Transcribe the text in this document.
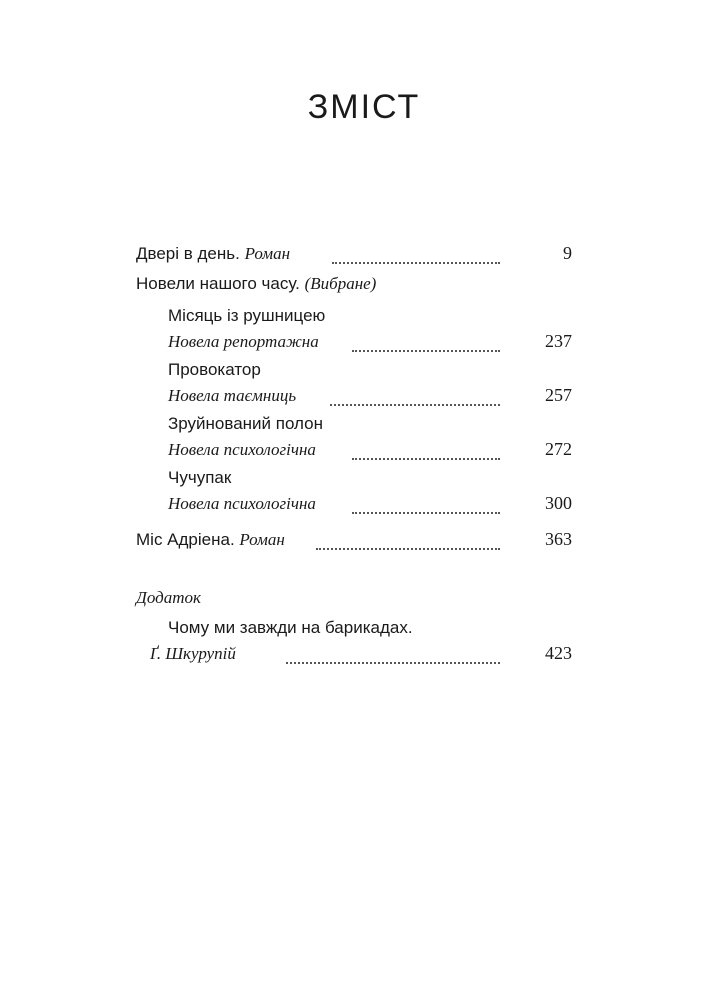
ЗМІСТ
Двері в день. Роман	9
Новели нашого часу. (Вибране)
Місяць із рушницею
Новела репортажна	237
Провокатор
Новела таємниць	257
Зруйнований полон
Новела психологічна	272
Чучупак
Новела психологічна	300
Міс Адріена. Роман	363
Додаток
Чому ми завжди на барикадах.
Ґ. Шкурупій	423
